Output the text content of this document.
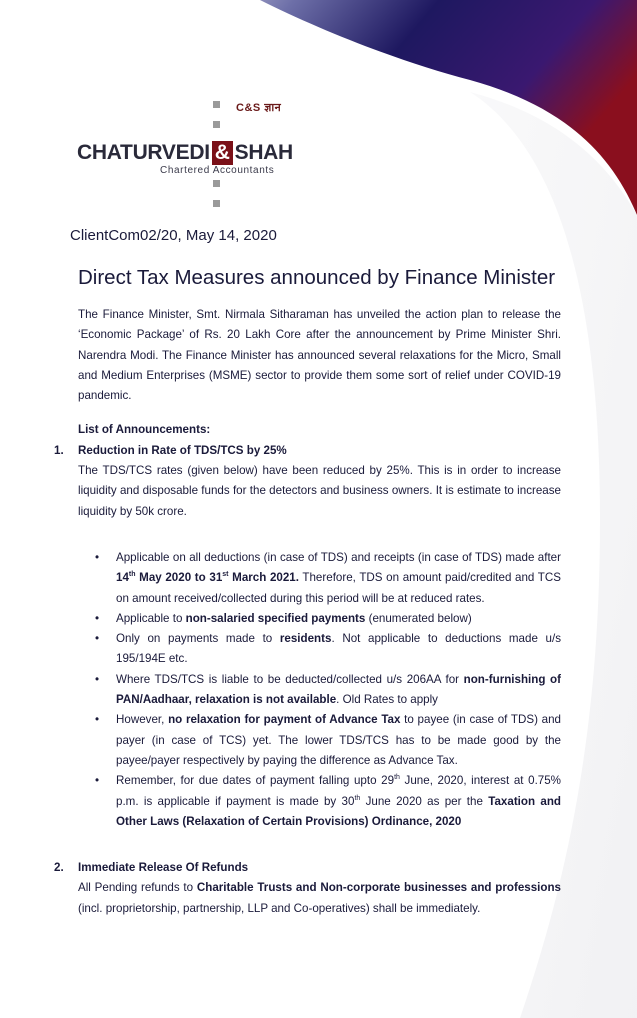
C&S ज्ञान
CHATURVEDI & SHAH
Chartered Accountants
ClientCom02/20, May 14, 2020
Direct Tax Measures announced by Finance Minister

The Finance Minister, Smt. Nirmala Sitharaman has unveiled the action plan to release the ‘Economic Package’ of Rs. 20 Lakh Core after the announcement by Prime Minister Shri. Narendra Modi. The Finance Minister has announced several relaxations for the Micro, Small and Medium Enterprises (MSME) sector to provide them some sort of relief under COVID-19 pandemic.

List of Announcements:

1. Reduction in Rate of TDS/TCS by 25%

The TDS/TCS rates (given below) have been reduced by 25%. This is in order to increase liquidity and disposable funds for the detectors and business owners. It is estimate to increase liquidity by 50k crore.

• Applicable on all deductions (in case of TDS) and receipts (in case of TDS) made after 14th May 2020 to 31st March 2021. Therefore, TDS on amount paid/credited and TCS on amount received/collected during this period will be at reduced rates.
• Applicable to non-salaried specified payments (enumerated below)
• Only on payments made to residents. Not applicable to deductions made u/s 195/194E etc.
• Where TDS/TCS is liable to be deducted/collected u/s 206AA for non-furnishing of PAN/Aadhaar, relaxation is not available. Old Rates to apply
• However, no relaxation for payment of Advance Tax to payee (in case of TDS) and payer (in case of TCS) yet. The lower TDS/TCS has to be made good by the payee/payer respectively by paying the difference as Advance Tax.
• Remember, for due dates of payment falling upto 29th June, 2020, interest at 0.75% p.m. is applicable if payment is made by 30th June 2020 as per the Taxation and Other Laws (Relaxation of Certain Provisions) Ordinance, 2020

2. Immediate Release Of Refunds

All Pending refunds to Charitable Trusts and Non-corporate businesses and professions (incl. proprietorship, partnership, LLP and Co-operatives) shall be immediately.
